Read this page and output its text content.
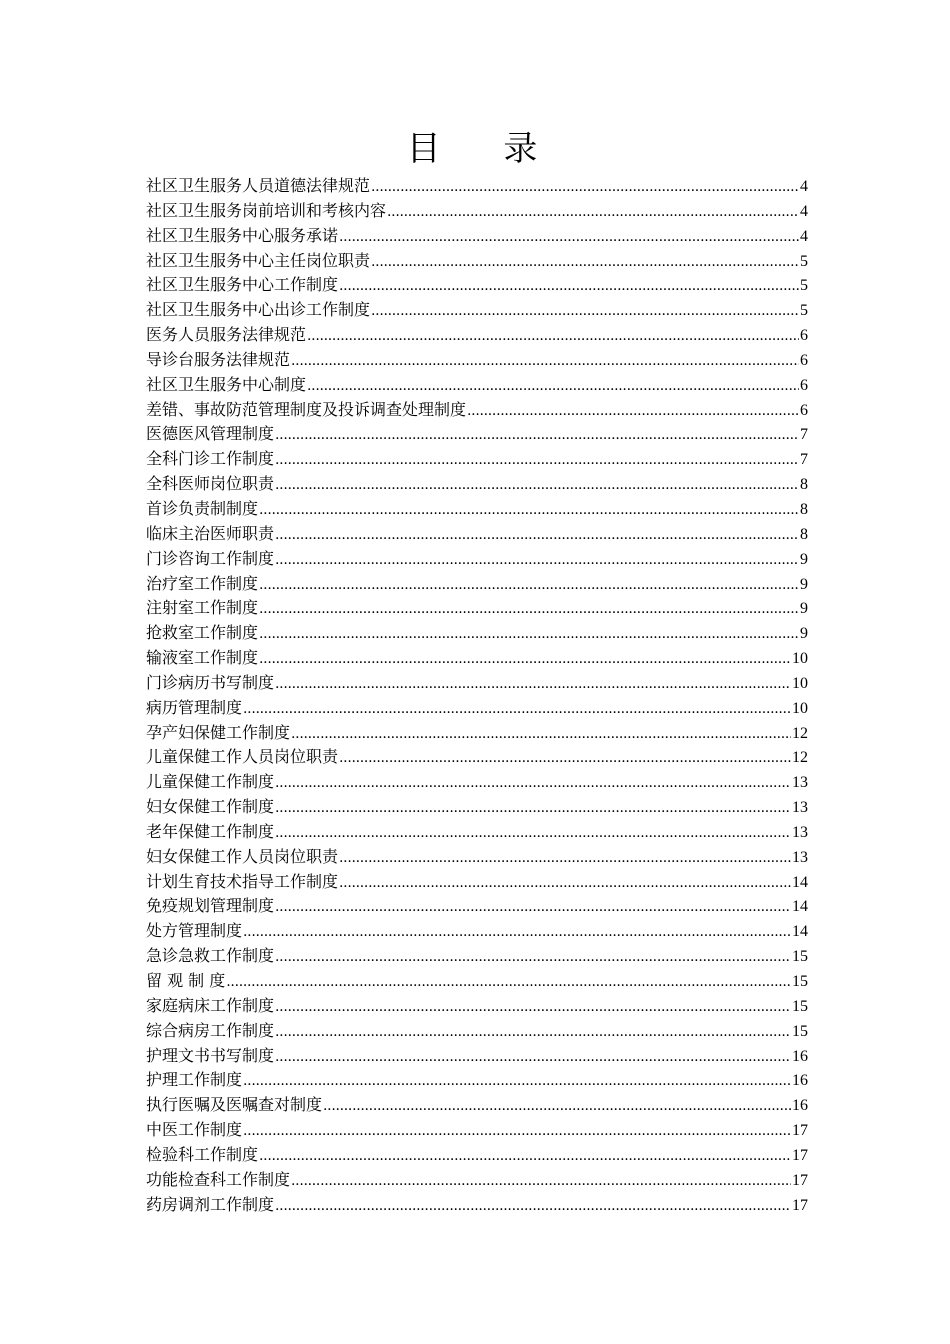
目 录
社区卫生服务人员道德法律规范 .....	4
社区卫生服务岗前培训和考核内容 .....	4
社区卫生服务中心服务承诺 .....	4
社区卫生服务中心主任岗位职责 .....	5
社区卫生服务中心工作制度 .....	5
社区卫生服务中心出诊工作制度 .....	5
医务人员服务法律规范 .....	6
导诊台服务法律规范 .....	6
社区卫生服务中心制度 .....	6
差错、事故防范管理制度及投诉调查处理制度 .....	6
医德医风管理制度 .....	7
全科门诊工作制度 .....	7
全科医师岗位职责 .....	8
首诊负责制制度 .....	8
临床主治医师职责 .....	8
门诊咨询工作制度 .....	9
治疗室工作制度 .....	9
注射室工作制度 .....	9
抢救室工作制度 .....	9
输液室工作制度 .....	10
门诊病历书写制度 .....	10
病历管理制度 .....	10
孕产妇保健工作制度 .....	12
儿童保健工作人员岗位职责 .....	12
儿童保健工作制度 .....	13
妇女保健工作制度 .....	13
老年保健工作制度 .....	13
妇女保健工作人员岗位职责 .....	13
计划生育技术指导工作制度 .....	14
免疫规划管理制度 .....	14
处方管理制度 .....	14
急诊急救工作制度 .....	15
留 观 制 度 .....	15
家庭病床工作制度 .....	15
综合病房工作制度 .....	15
护理文书书写制度 .....	16
护理工作制度 .....	16
执行医嘱及医嘱查对制度 .....	16
中医工作制度 .....	17
检验科工作制度 .....	17
功能检查科工作制度 .....	17
药房调剂工作制度 .....	17
